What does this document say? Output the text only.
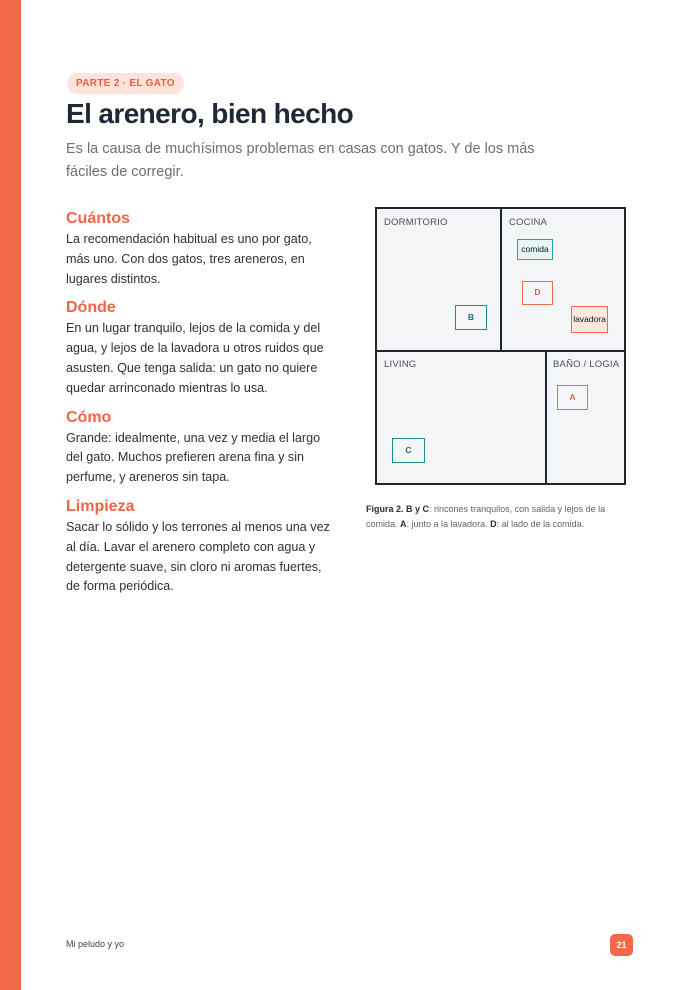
PARTE 2 · EL GATO
El arenero, bien hecho

Es la causa de muchísimos problemas en casas con gatos. Y de los más fáciles de corregir.

Cuántos

La recomendación habitual es uno por gato, más uno. Con dos gatos, tres areneros, en lugares distintos.

Dónde

En un lugar tranquilo, lejos de la comida y del agua, y lejos de la lavadora u otros ruidos que asusten. Que tenga salida: un gato no quiere quedar arrinconado mientras lo usa.

Cómo

Grande: idealmente, una vez y media el largo del gato. Muchos prefieren arena fina y sin perfume, y areneros sin tapa.

Limpieza

Sacar lo sólido y los terrones al menos una vez al día. Lavar el arenero completo con agua y detergente suave, sin cloro ni aromas fuertes, de forma periódica.

DORMITORIO	COCINA
LIVING	BAÑO / LOGIA
comida
D
lavadora
B
A
C

Figura 2. B y C: rincones tranquilos, con salida y lejos de la comida. A: junto a la lavadora. D: al lado de la comida.

Mi peludo y yo	21
